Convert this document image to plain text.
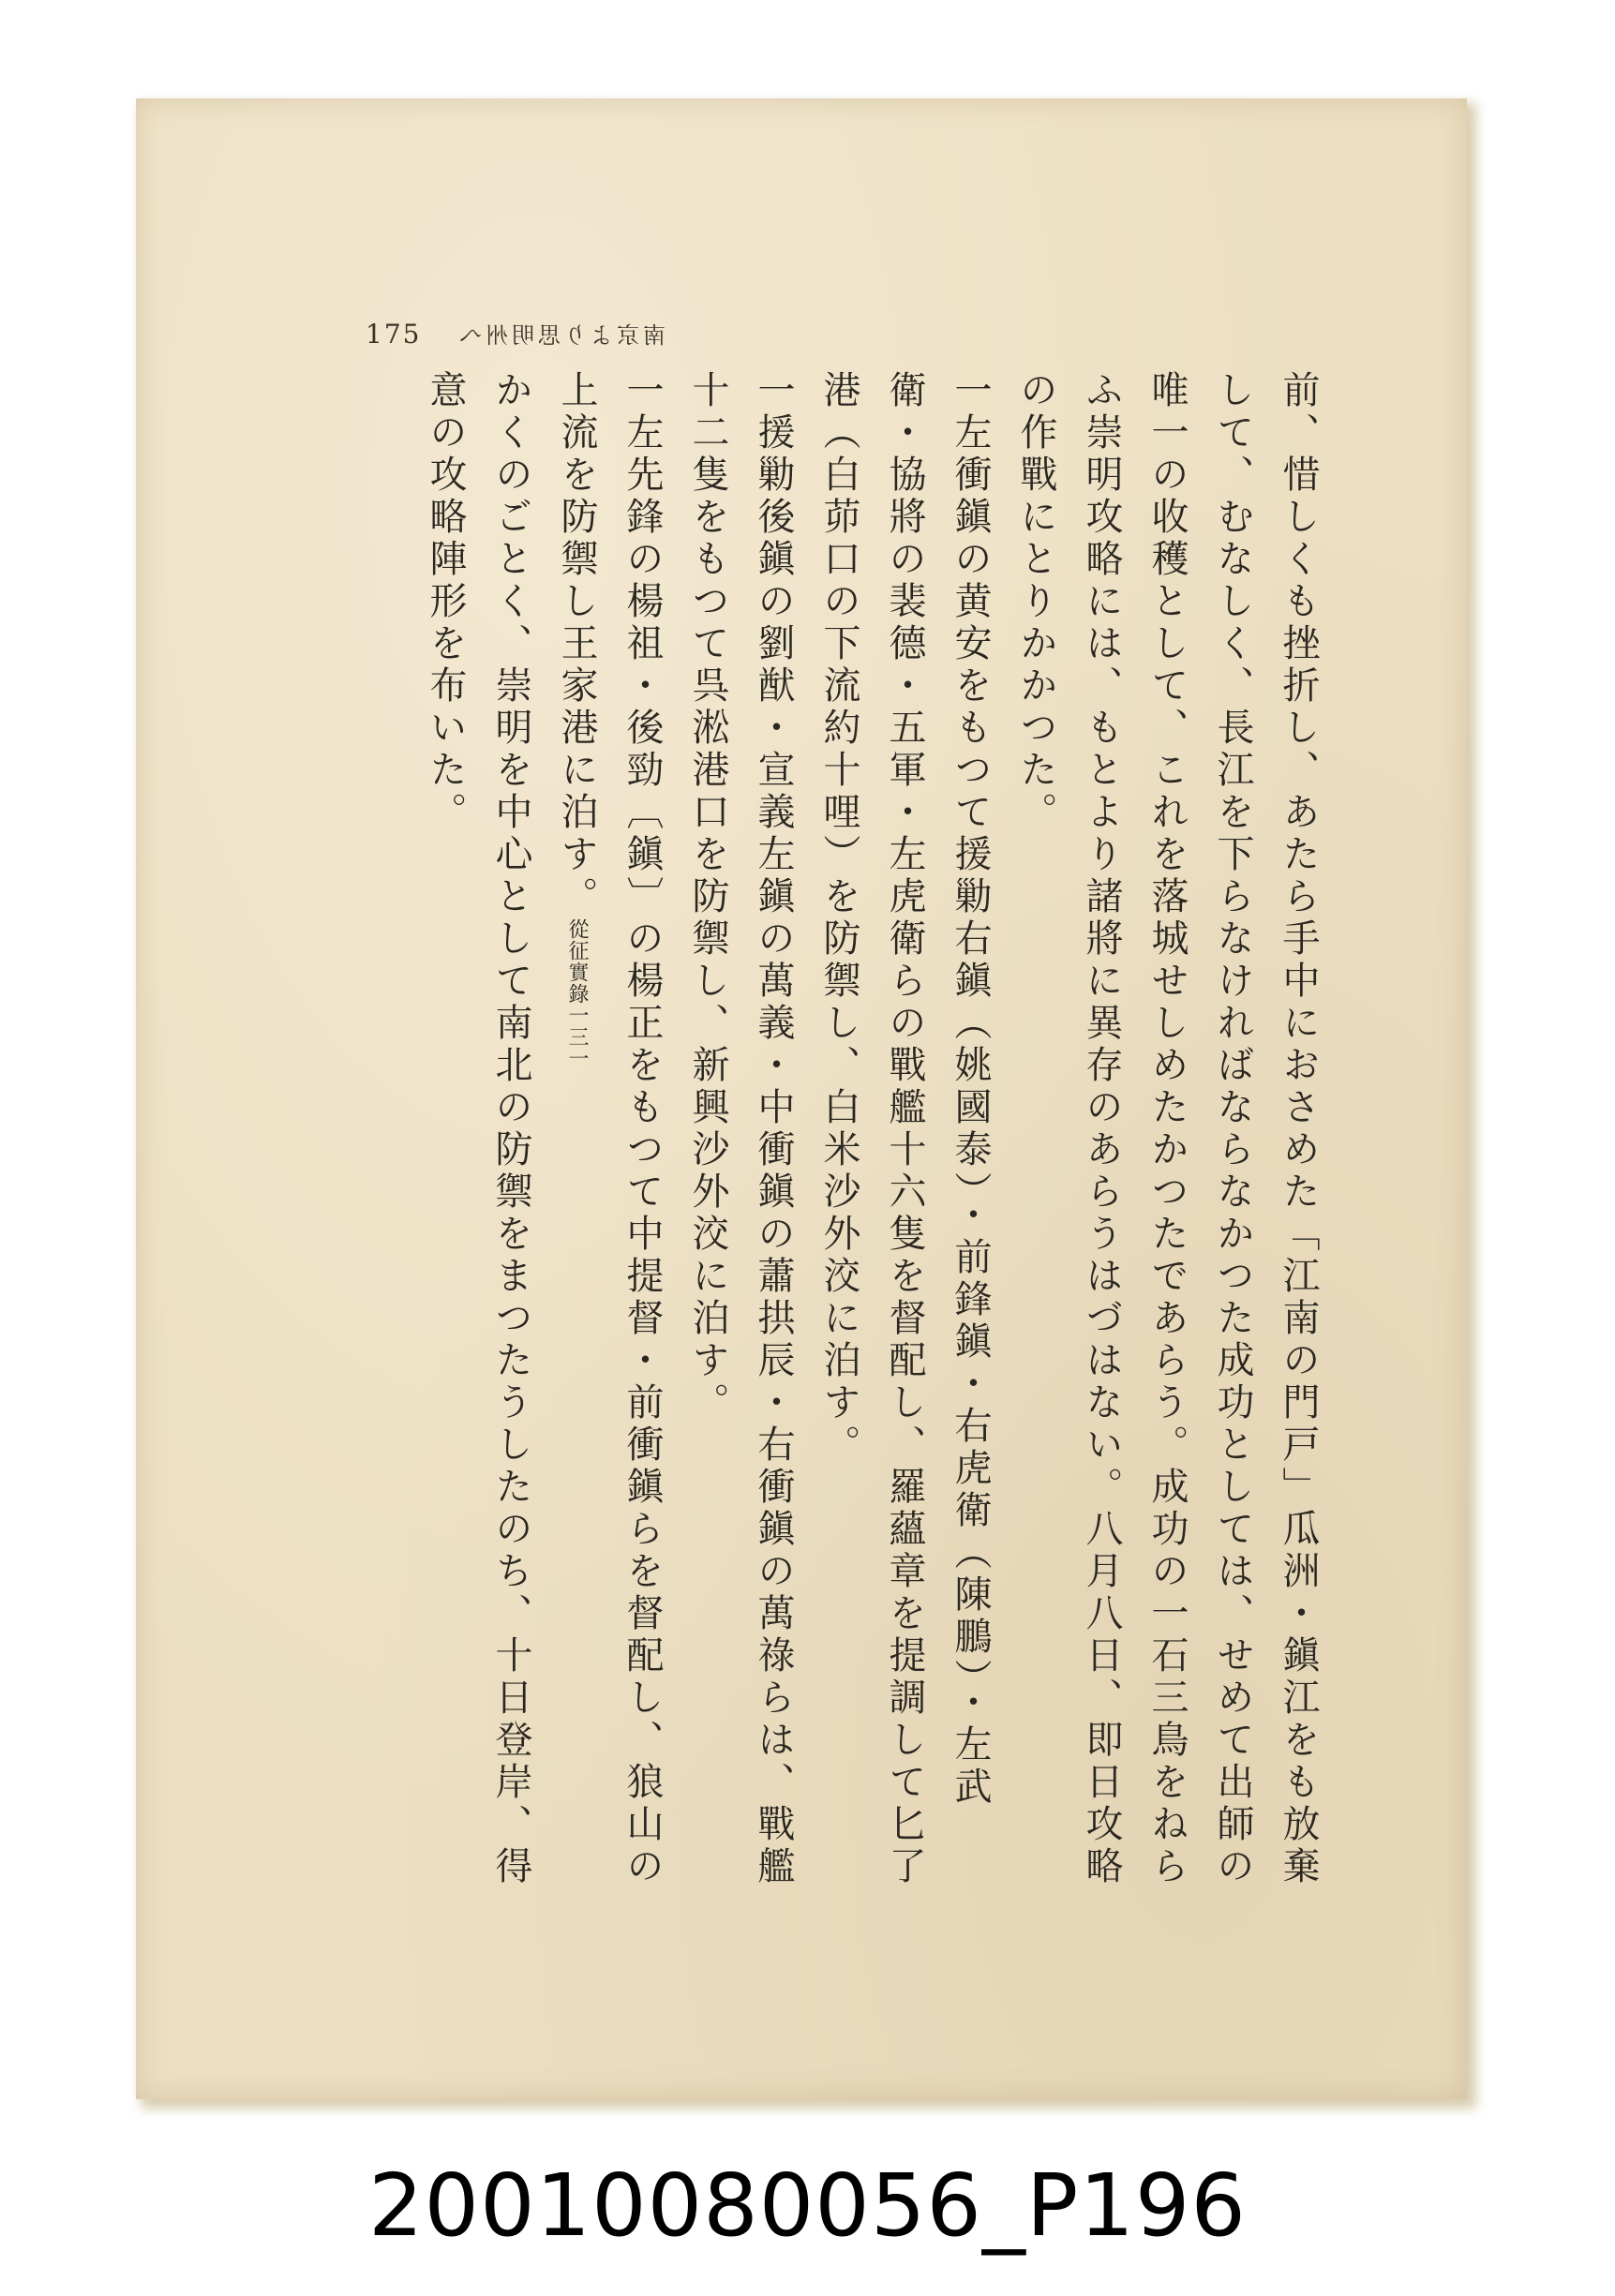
175 南京より思明州へ

前、惜しくも挫折し、あたら手中におさめた「江南の門戸」瓜洲・鎭江をも放棄して、むなしく、長江を下らなければならなかつた成功としては、せめて出師の唯一の收穫として、これを落城せしめたかつたであらう。成功の一石三鳥をねらふ崇明攻略には、もとより諸將に異存のあらうはづはない。八月八日、即日攻略の作戰にとりかかつた。

一左衝鎭の黄安をもつて援勦右鎭（姚國泰）・前鋒鎭・右虎衛（陳鵬）・左武衛・協將の裴德・五軍・左虎衛らの戰艦十六隻を督配し、羅蘊章を提調して匕了港（白茆口の下流約十哩）を防禦し、白米沙外洨に泊す。

一援勦後鎭の劉猷・宣義左鎭の萬義・中衝鎭の蕭拱辰・右衝鎭の萬祿らは、戰艦十二隻をもつて呉淞港口を防禦し、新興沙外洨に泊す。

一左先鋒の楊祖・後勁〔鎭〕の楊正をもつて中提督・前衝鎭らを督配し、狼山の上流を防禦し王家港に泊す。從征實錄一三一

かくのごとく、崇明を中心として南北の防禦をまつたうしたのち、十日登岸、得意の攻略陣形を布いた。

20010080056_P196
